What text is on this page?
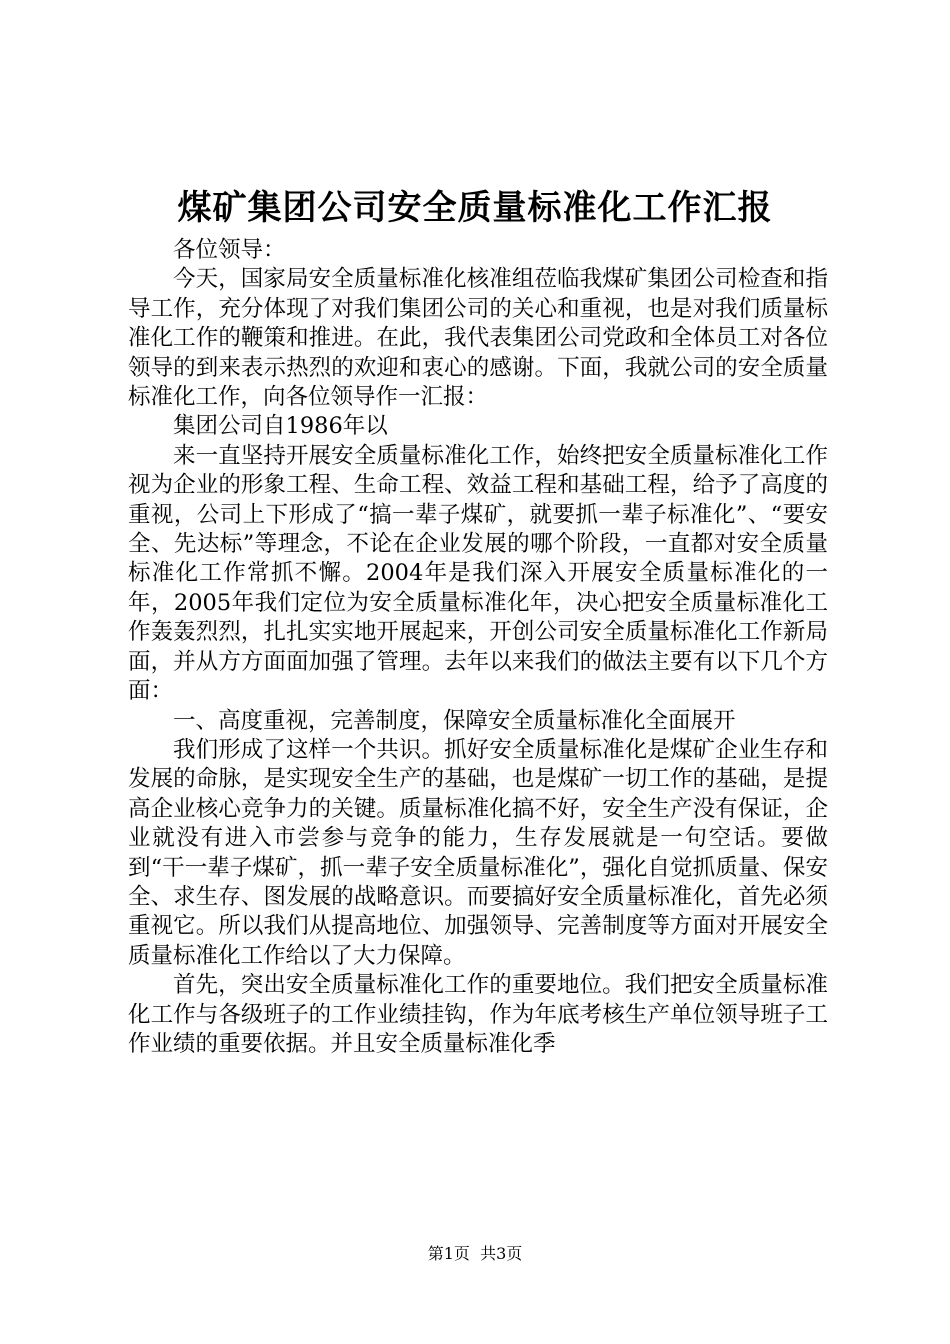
煤矿集团公司安全质量标准化工作汇报

各位领导：

今天，国家局安全质量标准化核准组莅临我煤矿集团公司检查和指导工作，充分体现了对我们集团公司的关心和重视，也是对我们质量标准化工作的鞭策和推进。在此，我代表集团公司党政和全体员工对各位领导的到来表示热烈的欢迎和衷心的感谢。下面，我就公司的安全质量标准化工作，向各位领导作一汇报：

集团公司自1986年以

来一直坚持开展安全质量标准化工作，始终把安全质量标准化工作视为企业的形象工程、生命工程、效益工程和基础工程，给予了高度的重视，公司上下形成了“搞一辈子煤矿，就要抓一辈子标准化”、“要安全、先达标”等理念，不论在企业发展的哪个阶段，一直都对安全质量标准化工作常抓不懈。2004年是我们深入开展安全质量标准化的一年，2005年我们定位为安全质量标准化年，决心把安全质量标准化工作轰轰烈烈，扎扎实实地开展起来，开创公司安全质量标准化工作新局面，并从方方面面加强了管理。去年以来我们的做法主要有以下几个方面：

一、高度重视，完善制度，保障安全质量标准化全面展开

我们形成了这样一个共识。抓好安全质量标准化是煤矿企业生存和发展的命脉，是实现安全生产的基础，也是煤矿一切工作的基础，是提高企业核心竞争力的关键。质量标准化搞不好，安全生产没有保证，企业就没有进入市尝参与竞争的能力，生存发展就是一句空话。要做到“干一辈子煤矿，抓一辈子安全质量标准化”，强化自觉抓质量、保安全、求生存、图发展的战略意识。而要搞好安全质量标准化，首先必须重视它。所以我们从提高地位、加强领导、完善制度等方面对开展安全质量标准化工作给以了大力保障。

首先，突出安全质量标准化工作的重要地位。我们把安全质量标准化工作与各级班子的工作业绩挂钩，作为年底考核生产单位领导班子工作业绩的重要依据。并且安全质量标准化季

第1页 共3页
